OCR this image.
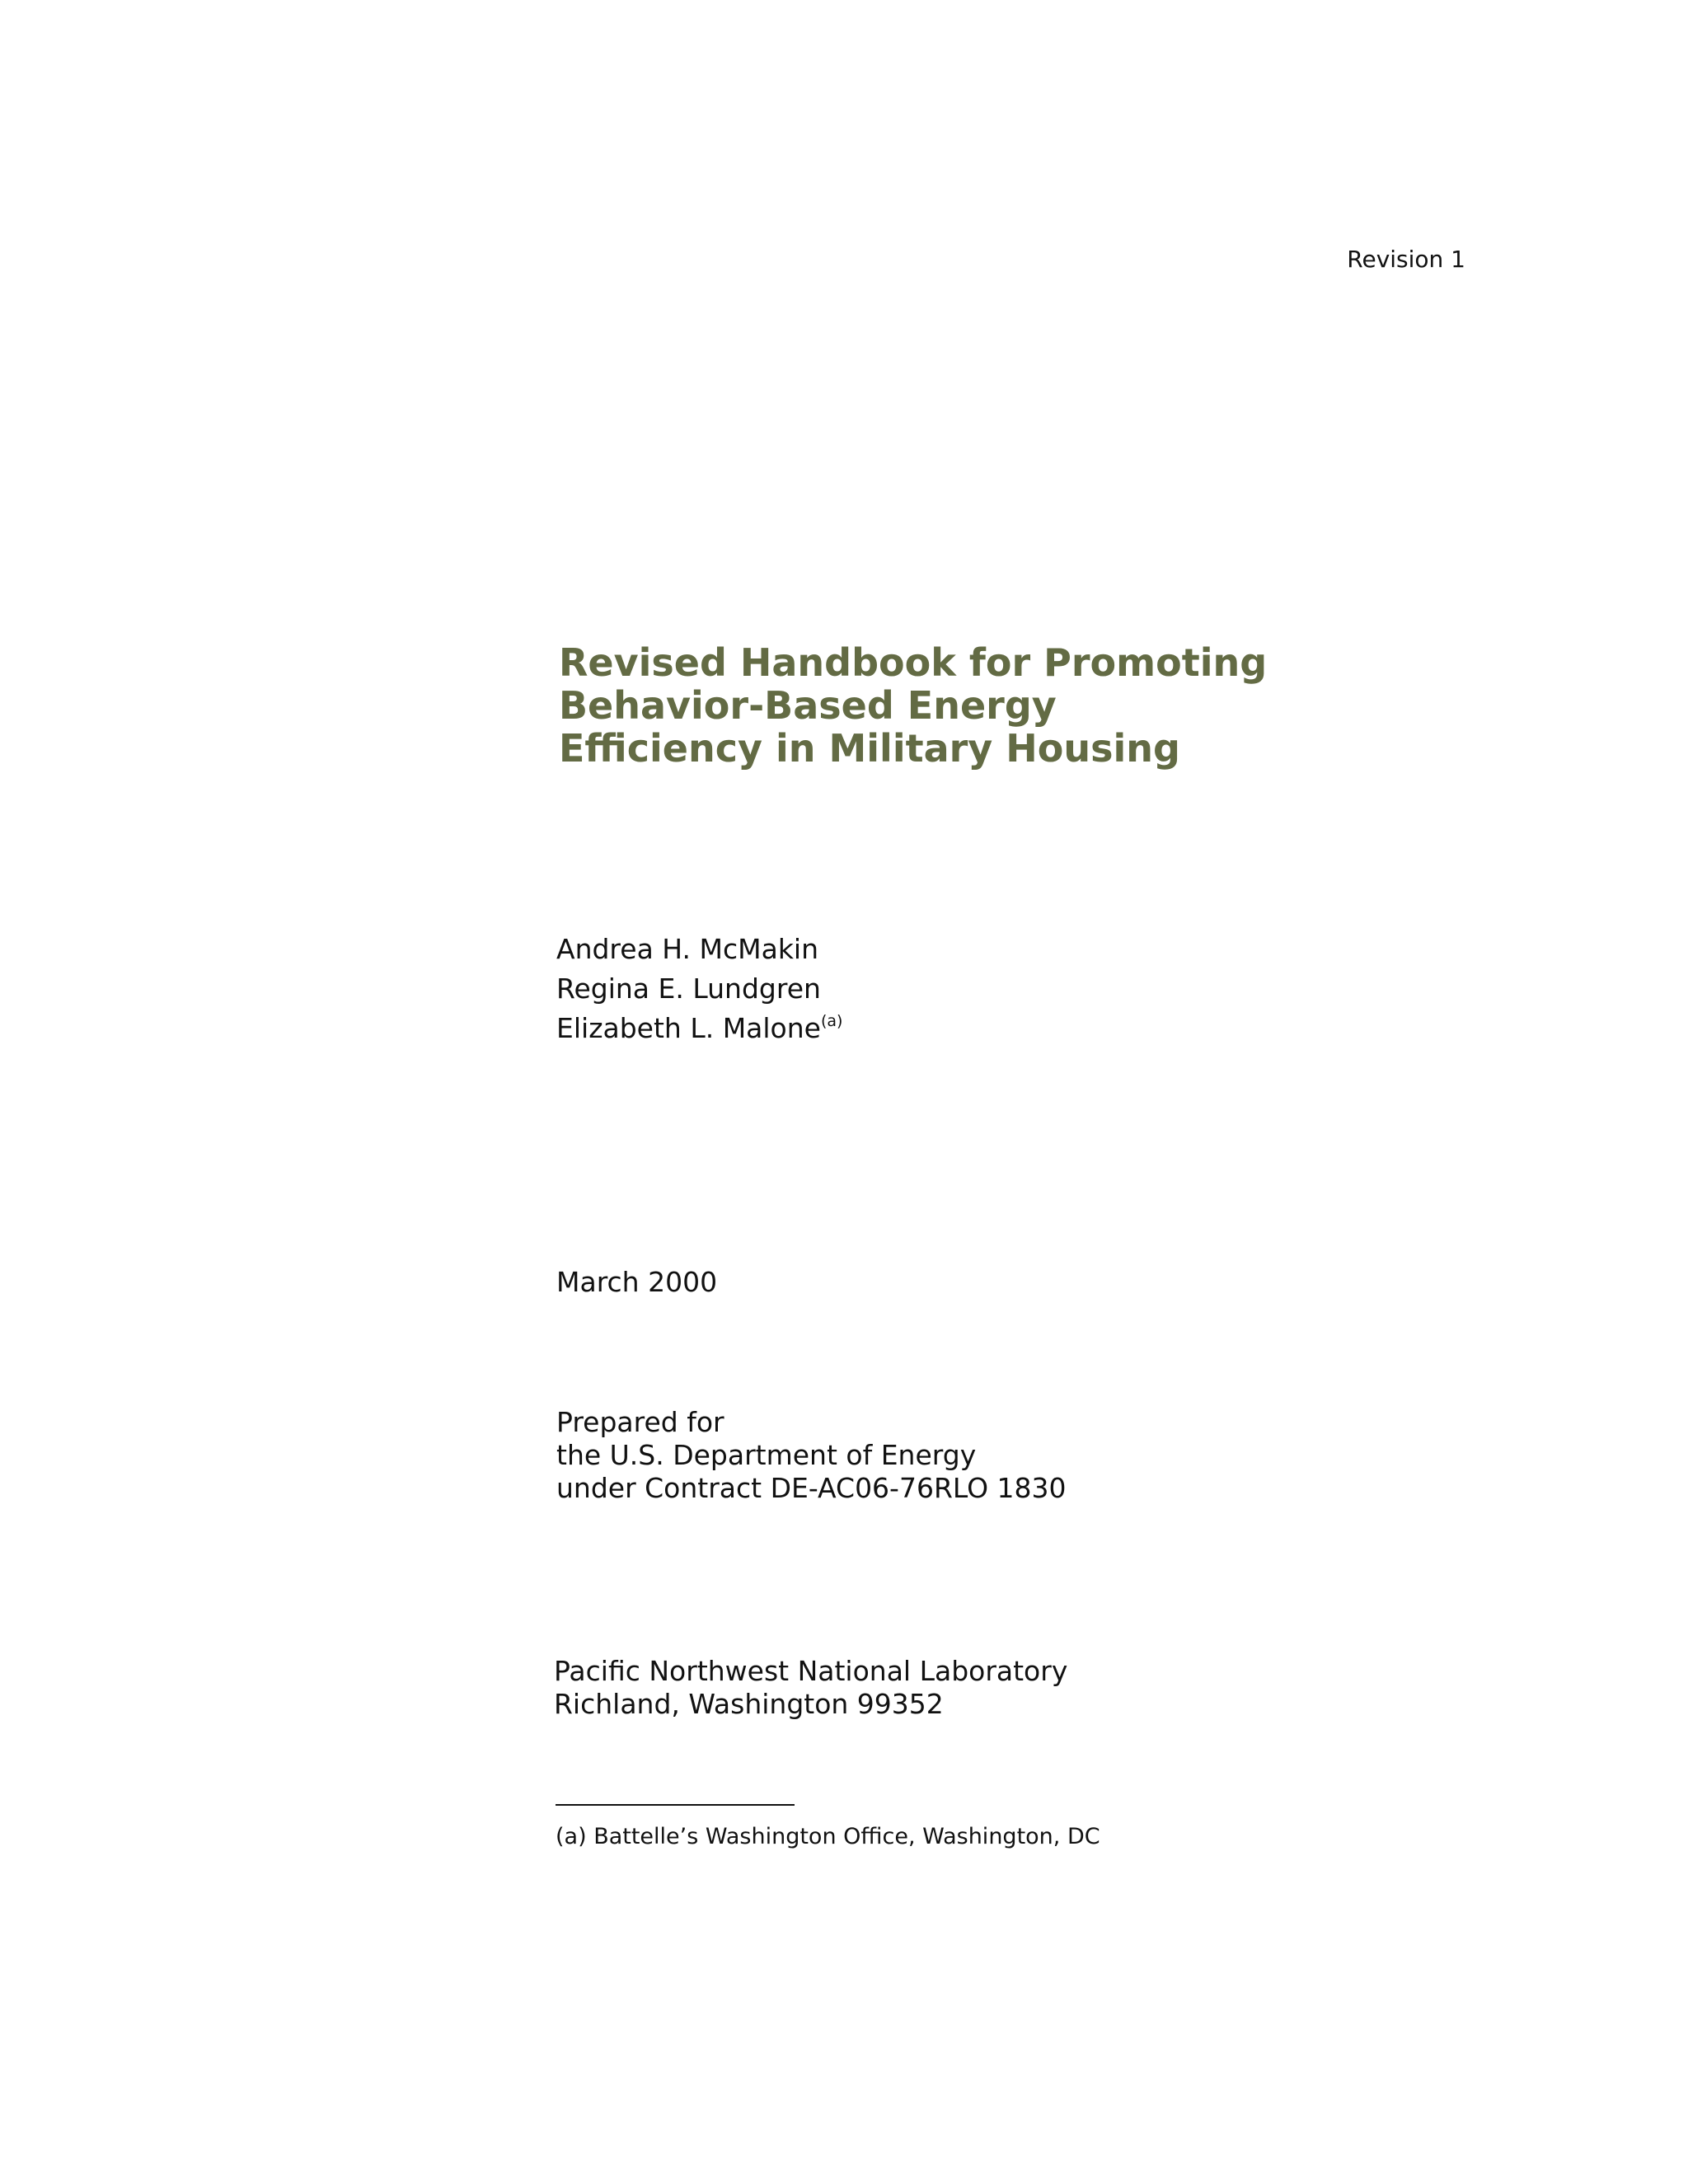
Revision 1
Revised Handbook for Promoting
Behavior-Based Energy
Efficiency in Military Housing
Andrea H. McMakin
Regina E. Lundgren
Elizabeth L. Malone$^{(a)}$
March 2000
Prepared for
the U.S. Department of Energy
under Contract DE-AC06-76RLO 1830
Pacific Northwest National Laboratory
Richland, Washington 99352
(a) Battelle’s Washington Office, Washington, DC
